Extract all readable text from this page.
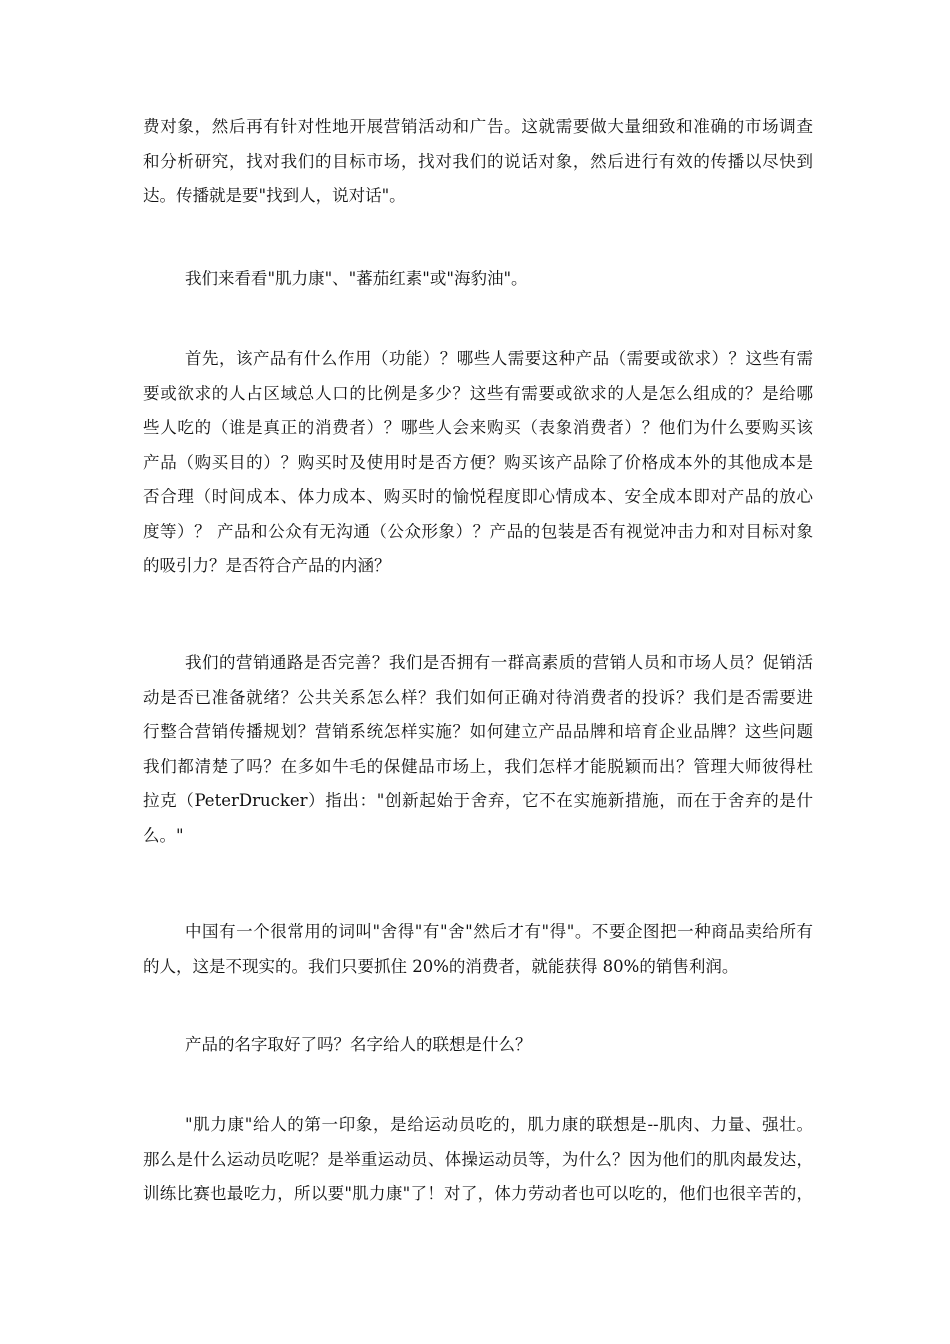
费对象，然后再有针对性地开展营销活动和广告。这就需要做大量细致和准确的市场调查
和分析研究，找对我们的目标市场，找对我们的说话对象，然后进行有效的传播以尽快到
达。传播就是要"找到人，说对话"。
我们来看看"肌力康"、"蕃茄红素"或"海豹油"。
首先，该产品有什么作用（功能）？哪些人需要这种产品（需要或欲求）？这些有需
要或欲求的人占区域总人口的比例是多少？这些有需要或欲求的人是怎么组成的？是给哪
些人吃的（谁是真正的消费者）？哪些人会来购买（表象消费者）？他们为什么要购买该
产品（购买目的）？购买时及使用时是否方便？购买该产品除了价格成本外的其他成本是
否合理（时间成本、体力成本、购买时的愉悦程度即心情成本、安全成本即对产品的放心
度等）？ 产品和公众有无沟通（公众形象）？产品的包装是否有视觉冲击力和对目标对象
的吸引力？是否符合产品的内涵？
我们的营销通路是否完善？我们是否拥有一群高素质的营销人员和市场人员？促销活
动是否已准备就绪？公共关系怎么样？我们如何正确对待消费者的投诉？我们是否需要进
行整合营销传播规划？营销系统怎样实施？如何建立产品品牌和培育企业品牌？这些问题
我们都清楚了吗？在多如牛毛的保健品市场上，我们怎样才能脱颖而出？管理大师彼得杜
拉克（PeterDrucker）指出："创新起始于舍弃，它不在实施新措施，而在于舍弃的是什
么。"
中国有一个很常用的词叫"舍得"有"舍"然后才有"得"。不要企图把一种商品卖给所有
的人，这是不现实的。我们只要抓住 20%的消费者，就能获得 80%的销售利润。
产品的名字取好了吗？名字给人的联想是什么？
"肌力康"给人的第一印象，是给运动员吃的，肌力康的联想是--肌肉、力量、强壮。
那么是什么运动员吃呢？是举重运动员、体操运动员等，为什么？因为他们的肌肉最发达，
训练比赛也最吃力，所以要"肌力康"了！对了，体力劳动者也可以吃的，他们也很辛苦的，
